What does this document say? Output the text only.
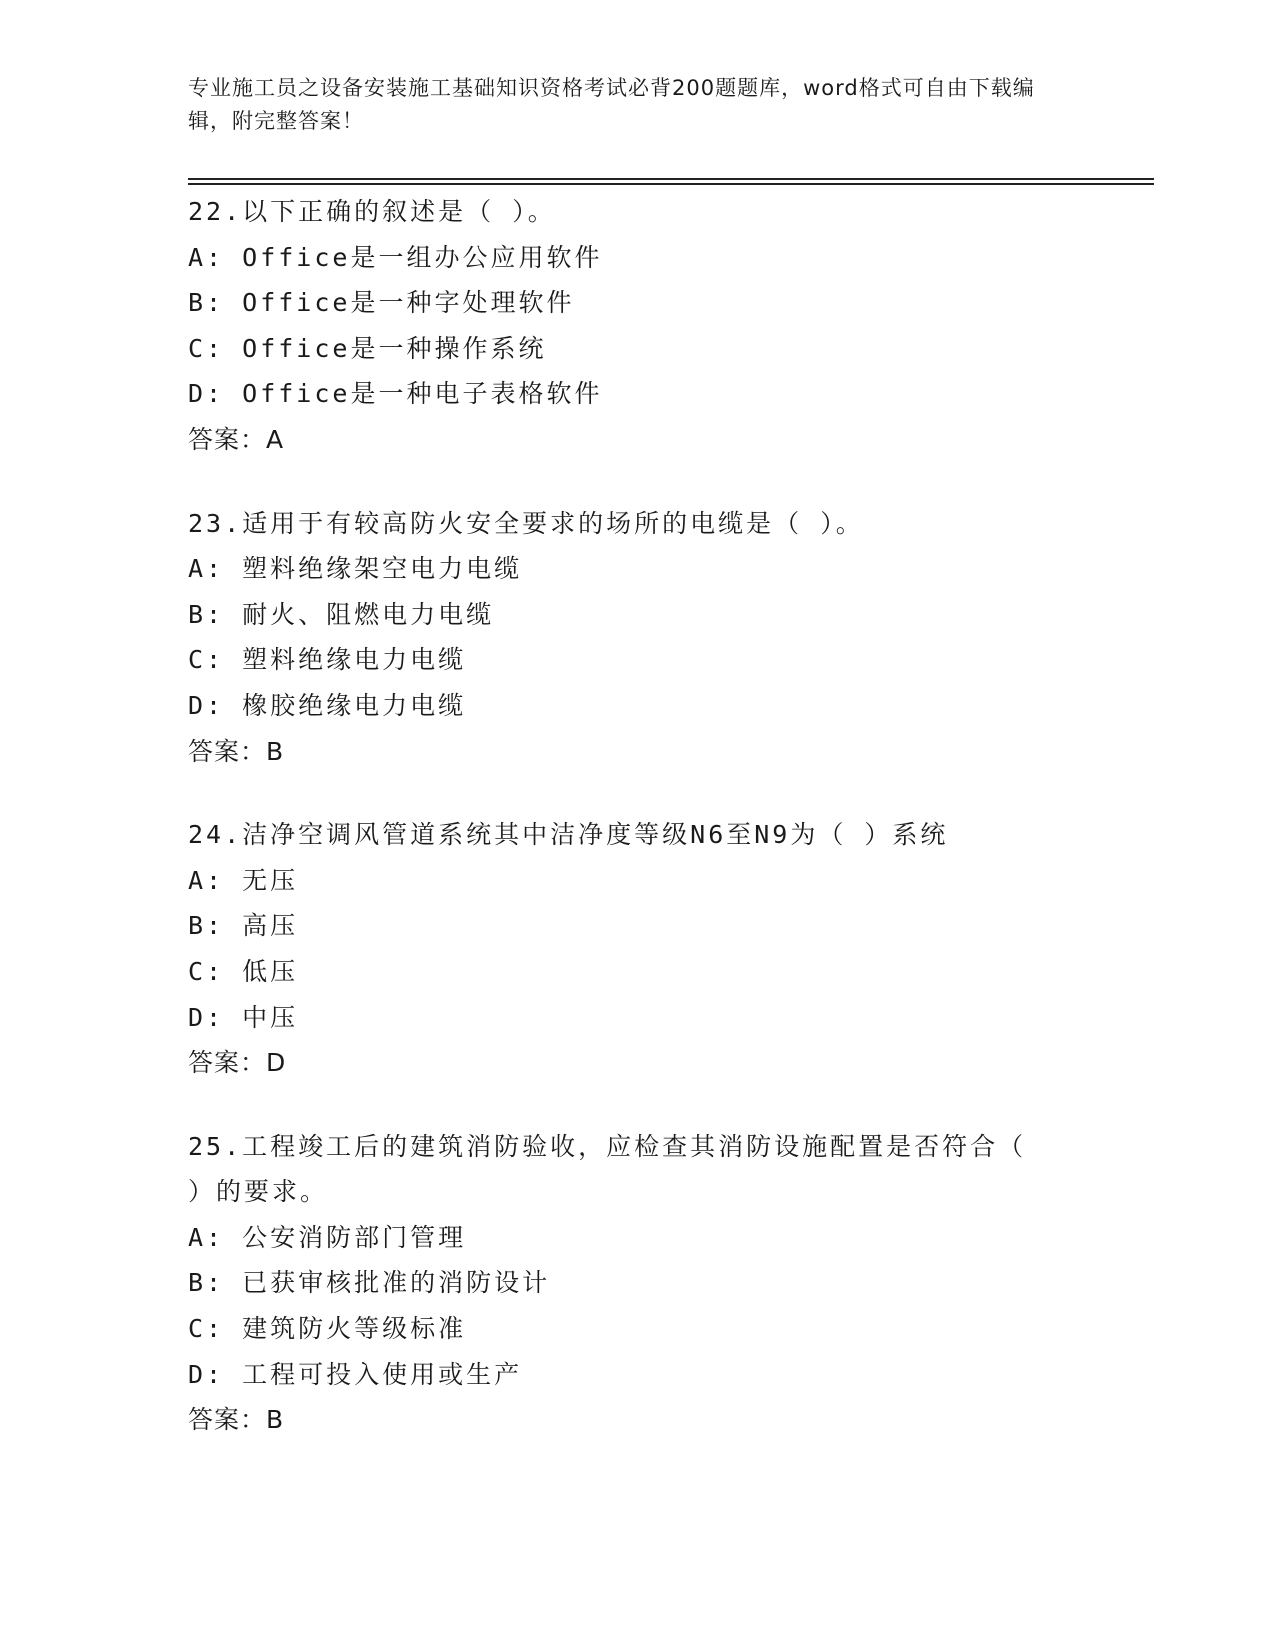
专业施工员之设备安装施工基础知识资格考试必背200题题库，word格式可自由下载编辑，附完整答案！
22.以下正确的叙述是（ ）。
A: Office是一组办公应用软件
B: Office是一种字处理软件
C: Office是一种操作系统
D: Office是一种电子表格软件
答案：A
23.适用于有较高防火安全要求的场所的电缆是（ ）。
A: 塑料绝缘架空电力电缆
B: 耐火、阻燃电力电缆
C: 塑料绝缘电力电缆
D: 橡胶绝缘电力电缆
答案：B
24.洁净空调风管道系统其中洁净度等级N6至N9为（ ）系统
A: 无压
B: 高压
C: 低压
D: 中压
答案：D
25.工程竣工后的建筑消防验收，应检查其消防设施配置是否符合（ ）的要求。
A: 公安消防部门管理
B: 已获审核批准的消防设计
C: 建筑防火等级标准
D: 工程可投入使用或生产
答案：B
